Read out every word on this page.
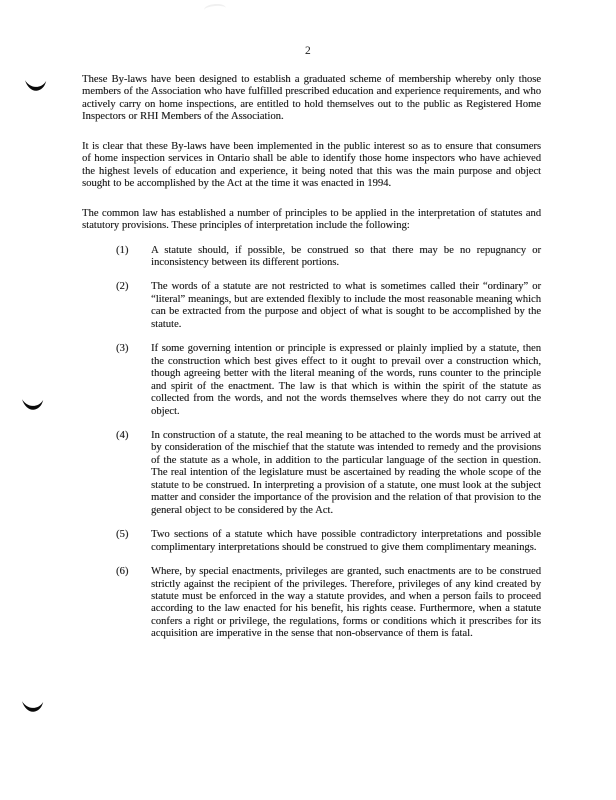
2

These By-laws have been designed to establish a graduated scheme of membership whereby only those members of the Association who have fulfilled prescribed education and experience requirements, and who actively carry on home inspections, are entitled to hold themselves out to the public as Registered Home Inspectors or RHI Members of the Association.

It is clear that these By-laws have been implemented in the public interest so as to ensure that consumers of home inspection services in Ontario shall be able to identify those home inspectors who have achieved the highest levels of education and experience, it being noted that this was the main purpose and object sought to be accomplished by the Act at the time it was enacted in 1994.

The common law has established a number of principles to be applied in the interpretation of statutes and statutory provisions. These principles of interpretation include the following:

(1)	A statute should, if possible, be construed so that there may be no repugnancy or inconsistency between its different portions.
(2)	The words of a statute are not restricted to what is sometimes called their “ordinary” or “literal” meanings, but are extended flexibly to include the most reasonable meaning which can be extracted from the purpose and object of what is sought to be accomplished by the statute.
(3)	If some governing intention or principle is expressed or plainly implied by a statute, then the construction which best gives effect to it ought to prevail over a construction which, though agreeing better with the literal meaning of the words, runs counter to the principle and spirit of the enactment. The law is that which is within the spirit of the statute as collected from the words, and not the words themselves where they do not carry out the object.
(4)	In construction of a statute, the real meaning to be attached to the words must be arrived at by consideration of the mischief that the statute was intended to remedy and the provisions of the statute as a whole, in addition to the particular language of the section in question. The real intention of the legislature must be ascertained by reading the whole scope of the statute to be construed. In interpreting a provision of a statute, one must look at the subject matter and consider the importance of the provision and the relation of that provision to the general object to be considered by the Act.
(5)	Two sections of a statute which have possible contradictory interpretations and possible complimentary interpretations should be construed to give them complimentary meanings.
(6)	Where, by special enactments, privileges are granted, such enactments are to be construed strictly against the recipient of the privileges. Therefore, privileges of any kind created by statute must be enforced in the way a statute provides, and when a person fails to proceed according to the law enacted for his benefit, his rights cease. Furthermore, when a statute confers a right or privilege, the regulations, forms or conditions which it prescribes for its acquisition are imperative in the sense that non-observance of them is fatal.
